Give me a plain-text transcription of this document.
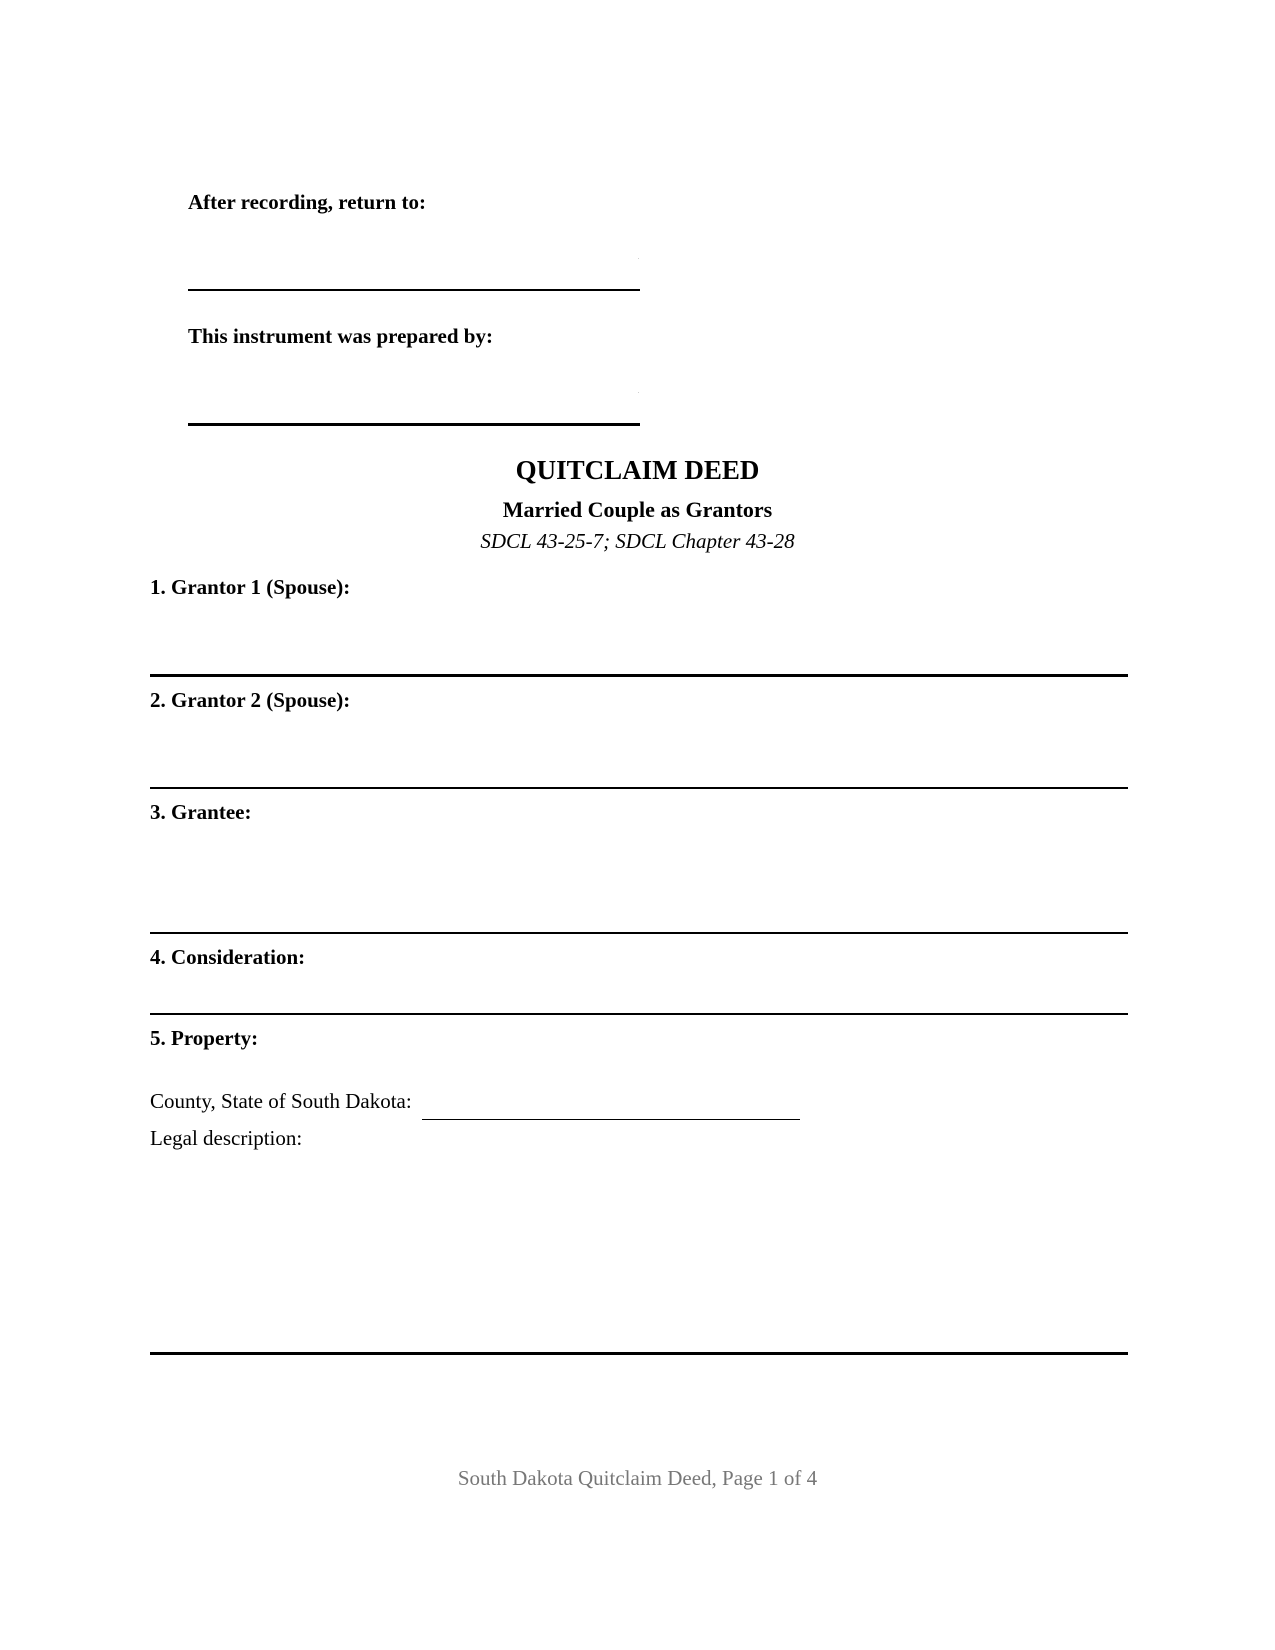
After recording, return to:
This instrument was prepared by:
QUITCLAIM DEED
Married Couple as Grantors
SDCL 43-25-7; SDCL Chapter 43-28
1. Grantor 1 (Spouse):
2. Grantor 2 (Spouse):
3. Grantee:
4. Consideration:
5. Property:
County, State of South Dakota:
Legal description:
South Dakota Quitclaim Deed, Page 1 of 4
